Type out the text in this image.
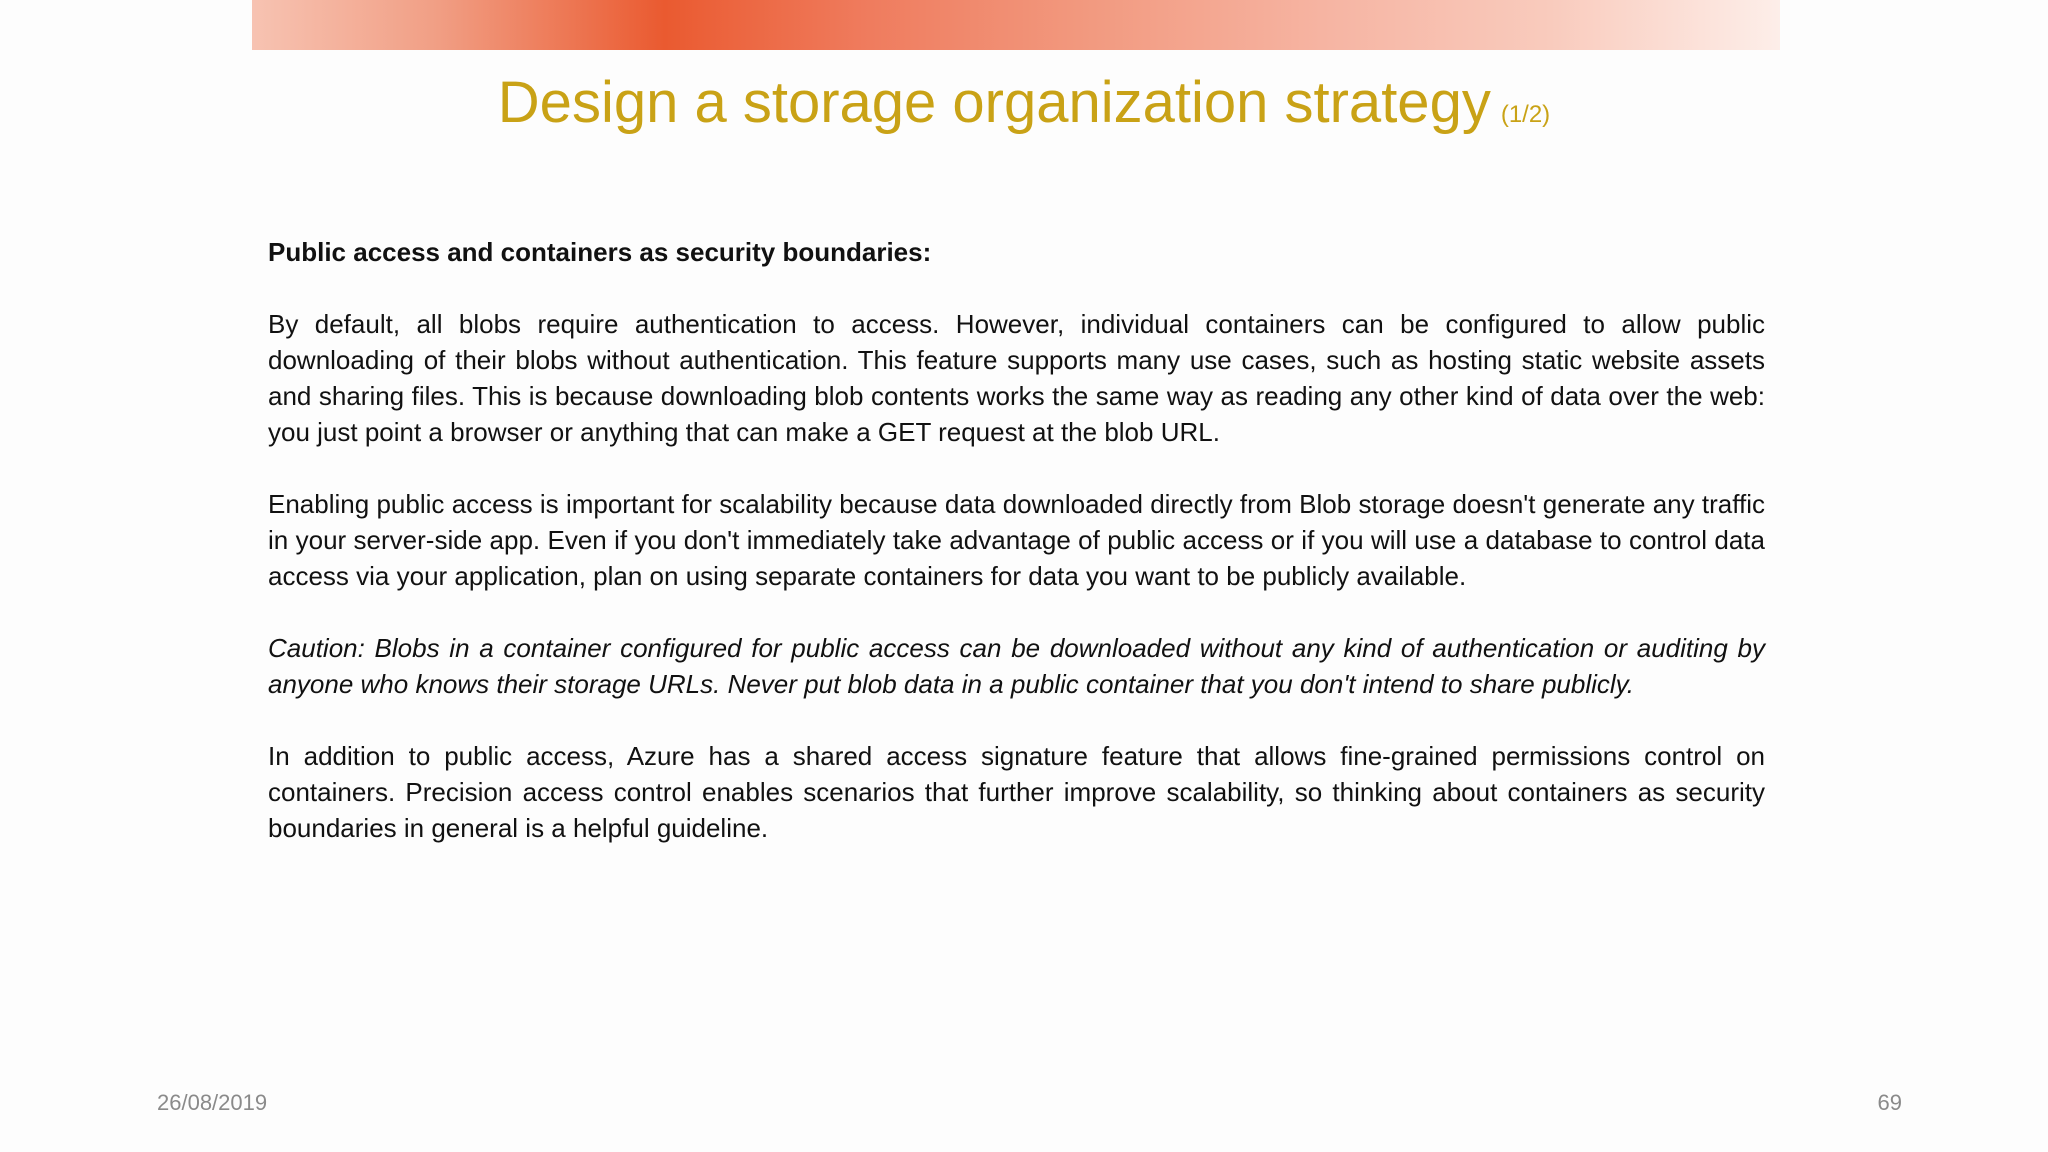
Design a storage organization strategy (1/2)

Public access and containers as security boundaries:

By default, all blobs require authentication to access. However, individual containers can be configured to allow public downloading of their blobs without authentication. This feature supports many use cases, such as hosting static website assets and sharing files. This is because downloading blob contents works the same way as reading any other kind of data over the web: you just point a browser or anything that can make a GET request at the blob URL.

Enabling public access is important for scalability because data downloaded directly from Blob storage doesn't generate any traffic in your server-side app. Even if you don't immediately take advantage of public access or if you will use a database to control data access via your application, plan on using separate containers for data you want to be publicly available.

Caution: Blobs in a container configured for public access can be downloaded without any kind of authentication or auditing by anyone who knows their storage URLs. Never put blob data in a public container that you don't intend to share publicly.

In addition to public access, Azure has a shared access signature feature that allows fine-grained permissions control on containers. Precision access control enables scenarios that further improve scalability, so thinking about containers as security boundaries in general is a helpful guideline.

26/08/2019	69
